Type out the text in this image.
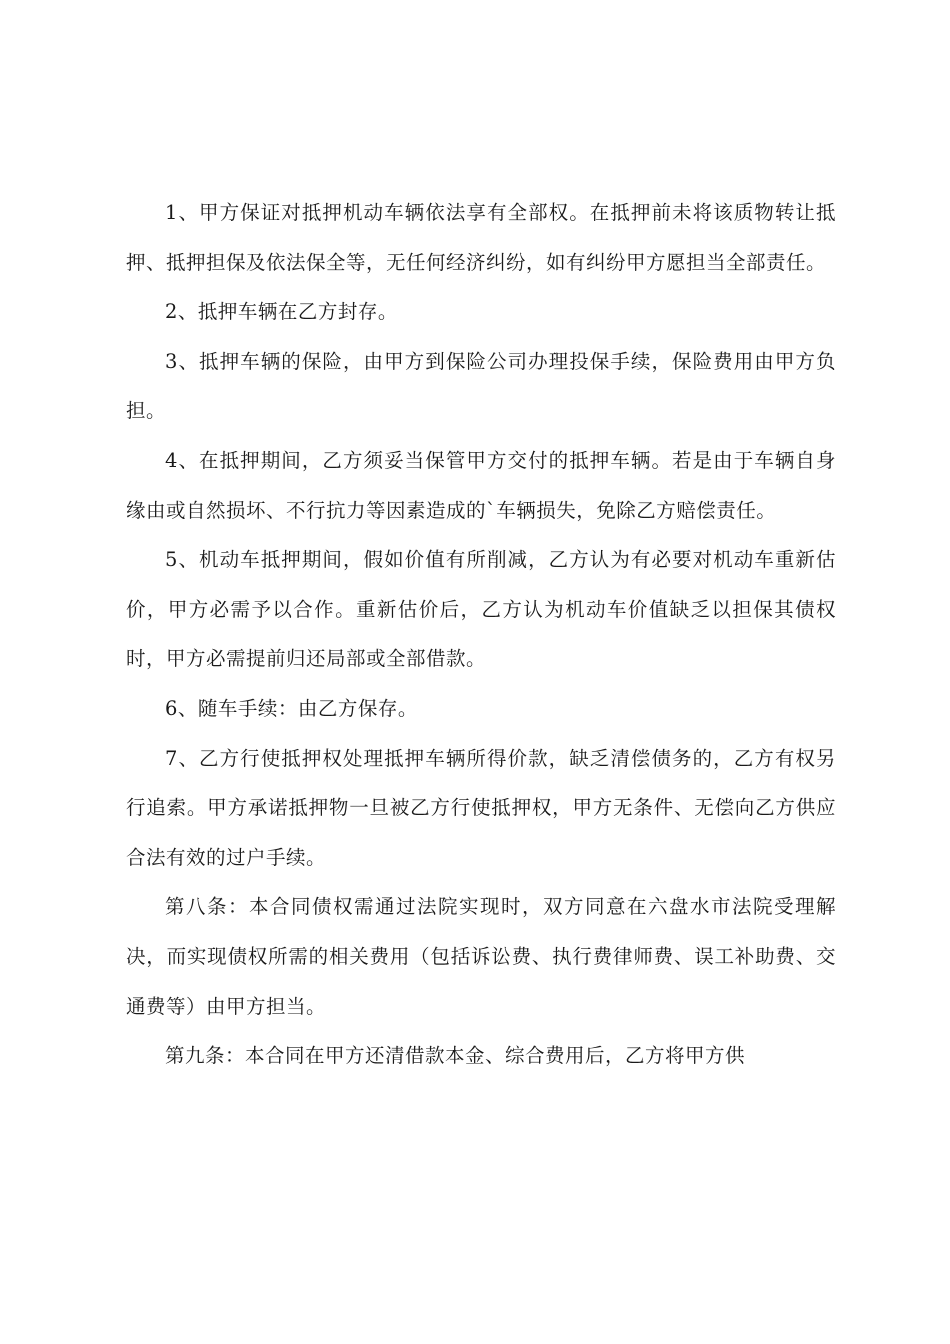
1、甲方保证对抵押机动车辆依法享有全部权。在抵押前未将该质物转让抵押、抵押担保及依法保全等，无任何经济纠纷，如有纠纷甲方愿担当全部责任。

2、抵押车辆在乙方封存。

3、抵押车辆的保险，由甲方到保险公司办理投保手续，保险费用由甲方负担。

4、在抵押期间，乙方须妥当保管甲方交付的抵押车辆。若是由于车辆自身缘由或自然损坏、不行抗力等因素造成的`车辆损失，免除乙方赔偿责任。

5、机动车抵押期间，假如价值有所削减，乙方认为有必要对机动车重新估价，甲方必需予以合作。重新估价后，乙方认为机动车价值缺乏以担保其债权时，甲方必需提前归还局部或全部借款。

6、随车手续：由乙方保存。

7、乙方行使抵押权处理抵押车辆所得价款，缺乏清偿债务的，乙方有权另行追索。甲方承诺抵押物一旦被乙方行使抵押权，甲方无条件、无偿向乙方供应合法有效的过户手续。

第八条：本合同债权需通过法院实现时，双方同意在六盘水市法院受理解决，而实现债权所需的相关费用（包括诉讼费、执行费律师费、误工补助费、交通费等）由甲方担当。

第九条：本合同在甲方还清借款本金、综合费用后，乙方将甲方供
